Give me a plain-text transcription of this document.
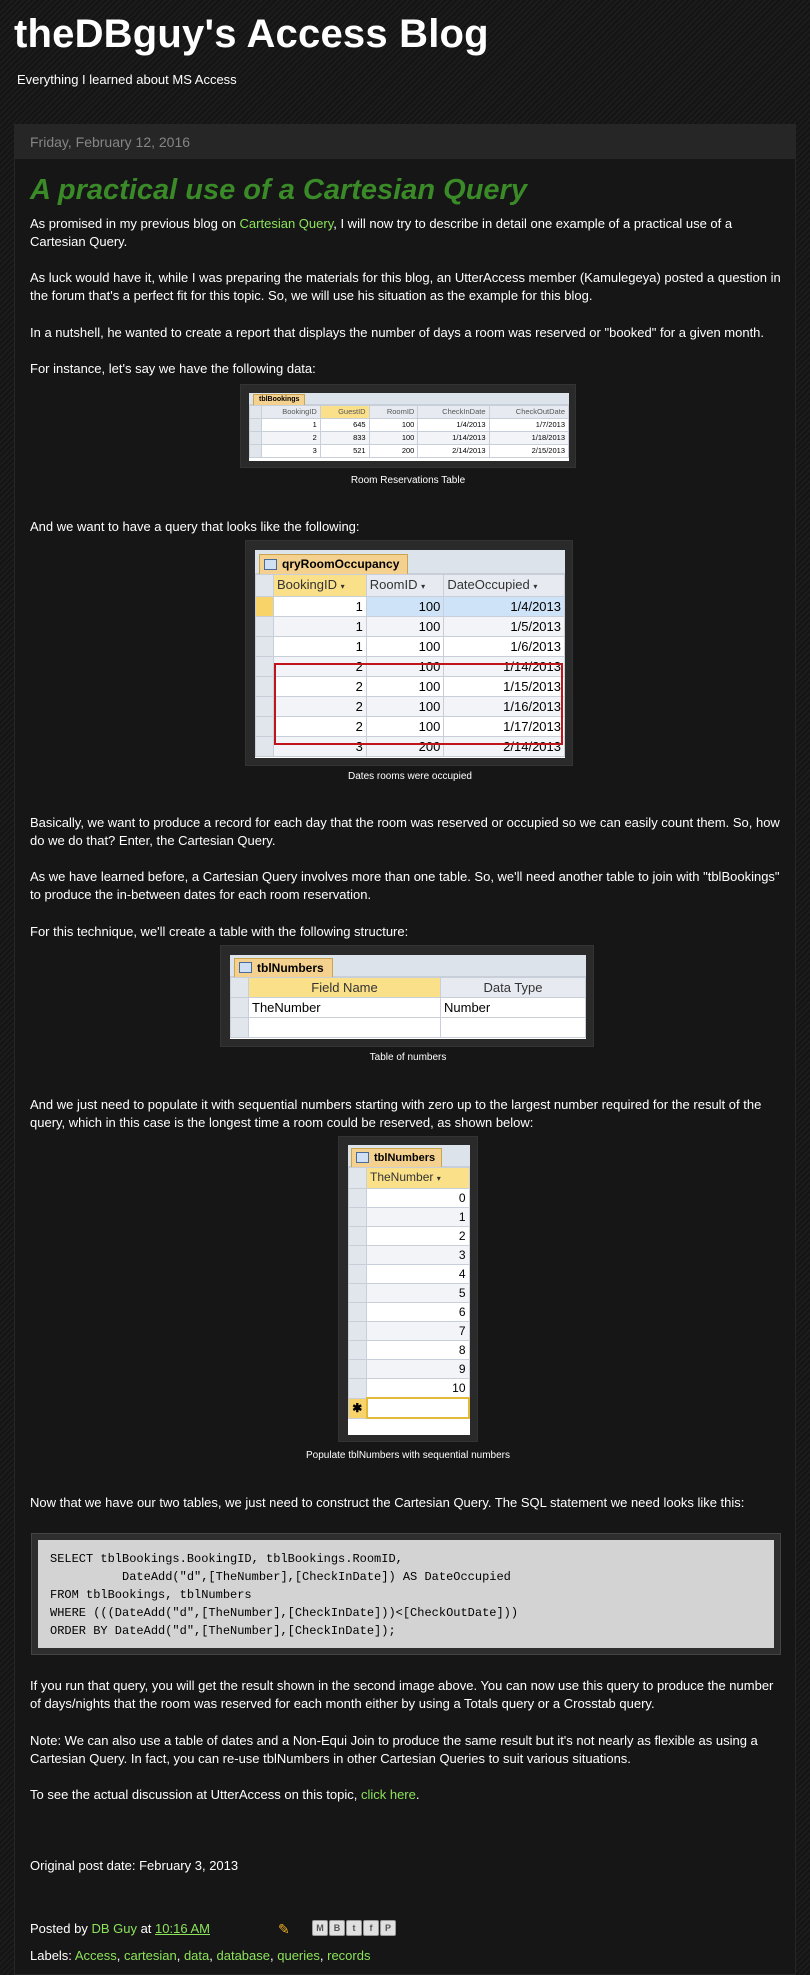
theDBguy's Access Blog
Everything I learned about MS Access
Friday, February 12, 2016
A practical use of a Cartesian Query
As promised in my previous blog on Cartesian Query, I will now try to describe in detail one example of a practical use of a Cartesian Query.
As luck would have it, while I was preparing the materials for this blog, an UtterAccess member (Kamulegeya) posted a question in the forum that's a perfect fit for this topic. So, we will use his situation as the example for this blog.
In a nutshell, he wanted to create a report that displays the number of days a room was reserved or "booked" for a given month.
For instance, let's say we have the following data:
tblBookings
	BookingID	GuestID	RoomID	CheckInDate	CheckOutDate
	1	645	100	1/4/2013	1/7/2013
	2	833	100	1/14/2013	1/18/2013
	3	521	200	2/14/2013	2/15/2013
Room Reservations Table
And we want to have a query that looks like the following:
qryRoomOccupancy
	BookingID ▾	RoomID ▾	DateOccupied ▾
	1	100	1/4/2013
	1	100	1/5/2013
	1	100	1/6/2013
	2	100	1/14/2013
	2	100	1/15/2013
	2	100	1/16/2013
	2	100	1/17/2013
	3	200	2/14/2013
Dates rooms were occupied
Basically, we want to produce a record for each day that the room was reserved or occupied so we can easily count them. So, how do we do that? Enter, the Cartesian Query.
As we have learned before, a Cartesian Query involves more than one table. So, we'll need another table to join with "tblBookings" to produce the in-between dates for each room reservation.
For this technique, we'll create a table with the following structure:
tblNumbers
	Field Name	Data Type
	TheNumber	Number

Table of numbers
And we just need to populate it with sequential numbers starting with zero up to the largest number required for the result of the query, which in this case is the longest time a room could be reserved, as shown below:
tblNumbers
	TheNumber ▾
	0
	1
	2
	3
	4
	5
	6
	7
	8
	9
	10
✱	
Populate tblNumbers with sequential numbers
Now that we have our two tables, we just need to construct the Cartesian Query. The SQL statement we need looks like this:
SELECT tblBookings.BookingID, tblBookings.RoomID,
DateAdd("d",[TheNumber],[CheckInDate]) AS DateOccupied
FROM tblBookings, tblNumbers
WHERE (((DateAdd("d",[TheNumber],[CheckInDate]))<[CheckOutDate]))
ORDER BY DateAdd("d",[TheNumber],[CheckInDate]);
If you run that query, you will get the result shown in the second image above. You can now use this query to produce the number of days/nights that the room was reserved for each month either by using a Totals query or a Crosstab query.
Note: We can also use a table of dates and a Non-Equi Join to produce the same result but it's not nearly as flexible as using a Cartesian Query. In fact, you can re-use tblNumbers in other Cartesian Queries to suit various situations.
To see the actual discussion at UtterAccess on this topic, click here.
Original post date: February 3, 2013
Posted by DB Guy at 10:16 AM	✎	M B t f P
Labels: Access, cartesian, data, database, queries, records
